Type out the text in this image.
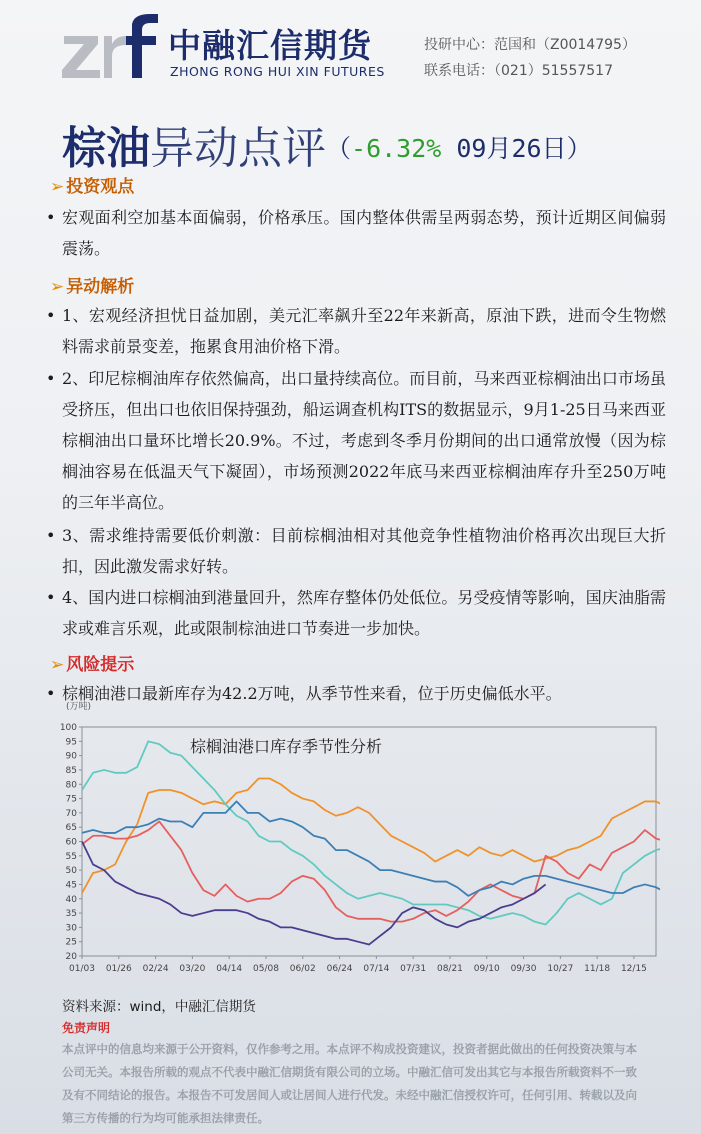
中融汇信期货
ZHONG RONG HUI XIN FUTURES
投研中心：范国和（Z0014795）
联系电话：（021）51557517
棕油异动点评（-6.32% 09月26日）
➢ 投资观点
• 宏观面利空加基本面偏弱，价格承压。国内整体供需呈两弱态势，预计近期区间偏弱震荡。
➢ 异动解析
• 1、宏观经济担忧日益加剧，美元汇率飙升至22年来新高，原油下跌，进而令生物燃料需求前景变差，拖累食用油价格下滑。
• 2、印尼棕榈油库存依然偏高，出口量持续高位。而目前，马来西亚棕榈油出口市场虽受挤压，但出口也依旧保持强劲，船运调查机构ITS的数据显示，9月1-25日马来西亚棕榈油出口量环比增长20.9%。不过，考虑到冬季月份期间的出口通常放慢（因为棕榈油容易在低温天气下凝固），市场预测2022年底马来西亚棕榈油库存升至250万吨的三年半高位。
• 3、需求维持需要低价刺激：目前棕榈油相对其他竞争性植物油价格再次出现巨大折扣，因此激发需求好转。
• 4、国内进口棕榈油到港量回升，然库存整体仍处低位。另受疫情等影响，国庆油脂需求或难言乐观，此或限制棕油进口节奏进一步加快。
➢ 风险提示
• 棕榈油港口最新库存为42.2万吨，从季节性来看，位于历史偏低水平。
棕榈油港口库存季节性分析
(万吨)
20
25
30
35
40
45
50
55
60
65
70
75
80
85
90
95
100
01/03 01/26 02/24 03/20 04/14 05/08 06/02 06/24 07/14 07/31 08/21 09/10 09/30 10/27 11/18 12/15
资料来源：wind，中融汇信期货
免责声明
本点评中的信息均来源于公开资料，仅作参考之用。本点评不构成投资建议，投资者据此做出的任何投资决策与本公司无关。本报告所载的观点不代表中融汇信期货有限公司的立场。中融汇信可发出其它与本报告所载资料不一致及有不同结论的报告。本报告不可发居间人或让居间人进行代发。未经中融汇信授权许可，任何引用、转载以及向第三方传播的行为均可能承担法律责任。
